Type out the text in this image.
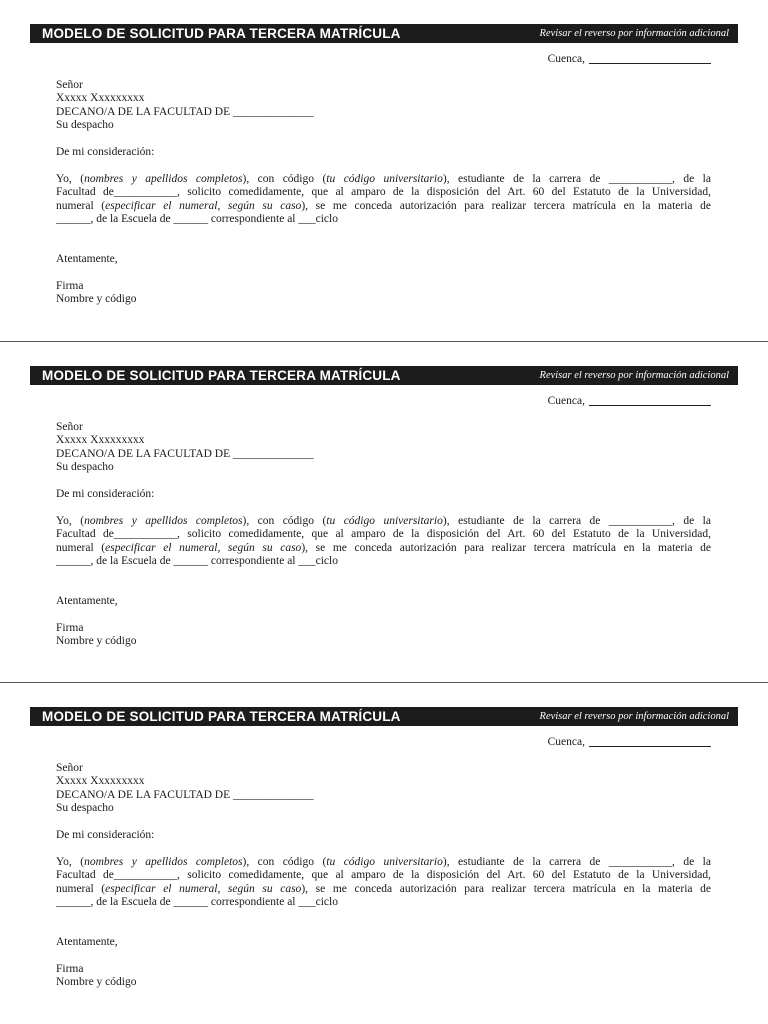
MODELO DE SOLICITUD PARA TERCERA MATRÍCULA	Revisar el reverso por información adicional
Cuenca,
Señor
Xxxxx Xxxxxxxxx
DECANO/A DE LA FACULTAD DE ______________
Su despacho
De mi consideración:
Yo, (nombres y apellidos completos), con código (tu código universitario), estudiante de la carrera de ___________, de la
Facultad de___________, solicito comedidamente, que al amparo de la disposición del Art. 60 del Estatuto de la Universidad,
numeral (especificar el numeral, según su caso), se me conceda autorización para realizar tercera matrícula en la materia de
______, de la Escuela de ______ correspondiente al ___ciclo
Atentamente,
Firma
Nombre y código
MODELO DE SOLICITUD PARA TERCERA MATRÍCULA	Revisar el reverso por información adicional
Cuenca,
Señor
Xxxxx Xxxxxxxxx
DECANO/A DE LA FACULTAD DE ______________
Su despacho
De mi consideración:
Yo, (nombres y apellidos completos), con código (tu código universitario), estudiante de la carrera de ___________, de la
Facultad de___________, solicito comedidamente, que al amparo de la disposición del Art. 60 del Estatuto de la Universidad,
numeral (especificar el numeral, según su caso), se me conceda autorización para realizar tercera matrícula en la materia de
______, de la Escuela de ______ correspondiente al ___ciclo
Atentamente,
Firma
Nombre y código
MODELO DE SOLICITUD PARA TERCERA MATRÍCULA	Revisar el reverso por información adicional
Cuenca,
Señor
Xxxxx Xxxxxxxxx
DECANO/A DE LA FACULTAD DE ______________
Su despacho
De mi consideración:
Yo, (nombres y apellidos completos), con código (tu código universitario), estudiante de la carrera de ___________, de la
Facultad de___________, solicito comedidamente, que al amparo de la disposición del Art. 60 del Estatuto de la Universidad,
numeral (especificar el numeral, según su caso), se me conceda autorización para realizar tercera matrícula en la materia de
______, de la Escuela de ______ correspondiente al ___ciclo
Atentamente,
Firma
Nombre y código
